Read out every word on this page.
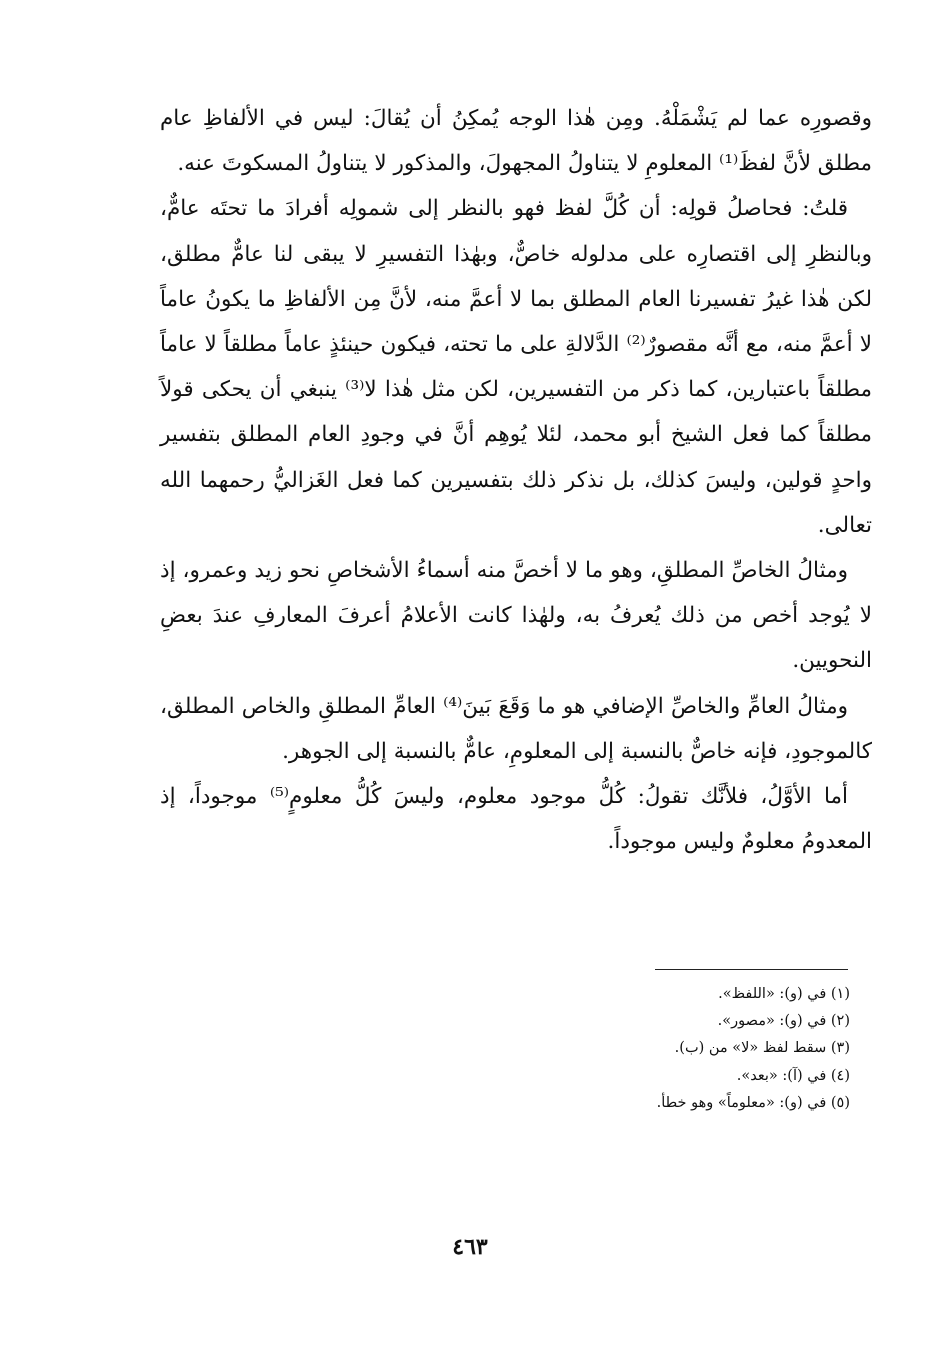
وقصورِه عما لم يَشْمَلْهُ. ومِن هٰذا الوجه يُمكِنُ أن يُقالَ: ليس في الألفاظِ عام مطلق لأنَّ لفظَ⁽¹⁾ المعلومِ لا يتناولُ المجهولَ، والمذكور لا يتناولُ المسكوتَ عنه.

قلتُ: فحاصلُ قولِه: أن كُلَّ لفظ فهو بالنظر إلى شمولِه أفرادَ ما تحتَه عامٌّ، وبالنظرِ إلى اقتصارِه على مدلوله خاصٌّ، وبهٰذا التفسيرِ لا يبقى لنا عامٌّ مطلق، لكن هٰذا غيرُ تفسيرنا العام المطلق بما لا أعمَّ منه، لأنَّ مِن الألفاظِ ما يكونُ عاماً لا أعمَّ منه، مع أنَّه مقصورٌ⁽²⁾ الدَّلالةِ على ما تحته، فيكون حينئذٍ عاماً مطلقاً لا عاماً مطلقاً باعتبارين، كما ذكر من التفسيرين، لكن مثل هٰذا لا⁽³⁾ ينبغي أن يحكى قولاً مطلقاً كما فعل الشيخ أبو محمد، لئلا يُوهِم أنَّ في وجودِ العام المطلق بتفسير واحدٍ قولين، وليسَ كذلك، بل نذكر ذلك بتفسيرين كما فعل الغَزاليُّ رحمهما الله تعالى.

ومثالُ الخاصِّ المطلقِ، وهو ما لا أخصَّ منه أسماءُ الأشخاصِ نحو زيد وعمرو، إذ لا يُوجد أخص من ذلك يُعرفُ به، ولهٰذا كانت الأعلامُ أعرفَ المعارفِ عندَ بعضِ النحويين.

ومثالُ العامِّ والخاصِّ الإضافي هو ما وَقَعَ بَينَ⁽⁴⁾ العامِّ المطلقِ والخاص المطلق، كالموجودِ، فإنه خاصٌّ بالنسبة إلى المعلومِ، عامٌّ بالنسبة إلى الجوهر.

أما الأوَّلُ، فلأنَّك تقولُ: كُلُّ موجود معلوم، وليسَ كُلُّ معلومٍ⁽⁵⁾ موجوداً، إذ المعدومُ معلومٌ وليس موجوداً.

(١) في (و): «اللفظ».
(٢) في (و): «مصور».
(٣) سقط لفظ «لا» من (ب).
(٤) في (آ): «بعد».
(٥) في (و): «معلوماً» وهو خطأ.
٤٦٣
